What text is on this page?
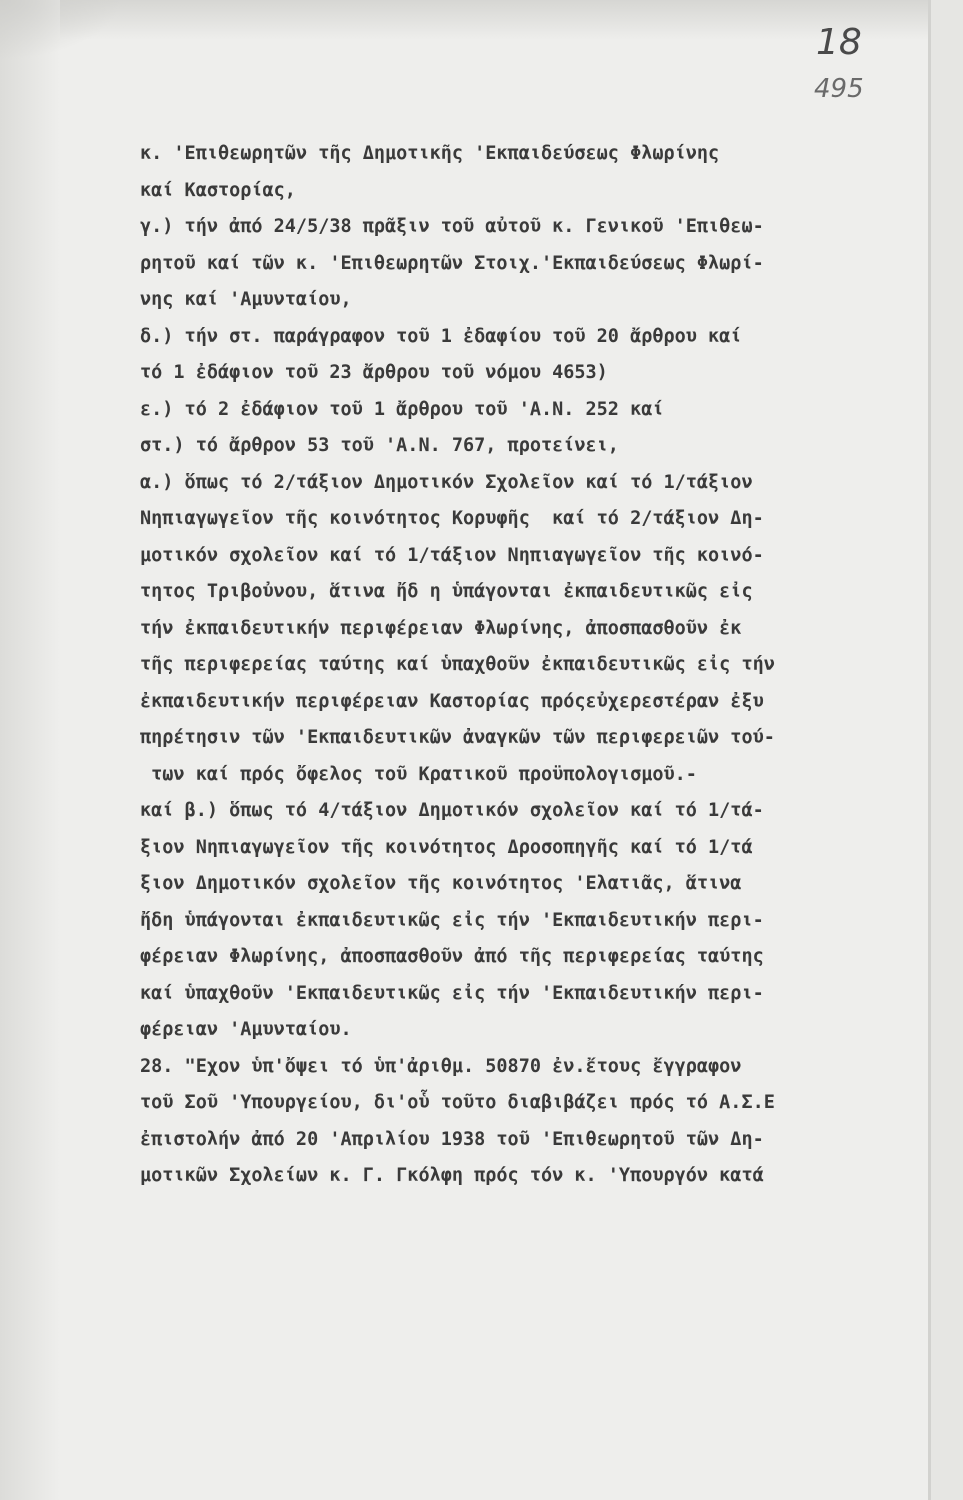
18
495
κ. 'Επιθεωρητῶν τῆς Δημοτικῆς 'Εκπαιδεύσεως Φλωρίνης
καί Καστορίας,
γ.) τήν ἀπό 24/5/38 πρᾶξιν τοῦ αὐτοῦ κ. Γενικοῦ 'Επιθεω-
ρητοῦ καί τῶν κ. 'Επιθεωρητῶν Στοιχ.'Εκπαιδεύσεως Φλωρί-
νης καί 'Αμυνταίου,
δ.) τήν στ. παράγραφον τοῦ 1 ἐδαφίου τοῦ 20 ἄρθρου καί
τό 1 ἐδάφιον τοῦ 23 ἄρθρου τοῦ νόμου 4653)
ε.) τό 2 ἐδάφιον τοῦ 1 ἄρθρου τοῦ 'Α.Ν. 252 καί
στ.) τό ἄρθρον 53 τοῦ 'Α.Ν. 767, προτείνει,
α.) ὅπως τό 2/τάξιον Δημοτικόν Σχολεῖον καί τό 1/τάξιον
Νηπιαγωγεῖον τῆς κοινότητος Κορυφῆς  καί τό 2/τάξιον Δη-
μοτικόν σχολεῖον καί τό 1/τάξιον Νηπιαγωγεῖον τῆς κοινό-
τητος Τριβοὐνου, ἅτινα ἤδ η ὑπάγονται ἐκπαιδευτικῶς εἰς
τήν ἐκπαιδευτικήν περιφέρειαν Φλωρίνης, ἀποσπασθοῦν ἐκ
τῆς περιφερείας ταύτης καί ὑπαχθοῦν ἐκπαιδευτικῶς εἰς τήν
ἐκπαιδευτικήν περιφέρειαν Καστορίας πρόςεὐχερεστέραν ἐξυ
πηρέτησιν τῶν 'Εκπαιδευτικῶν ἀναγκῶν τῶν περιφερειῶν τού-
των καί πρός ὄφελος τοῦ Κρατικοῦ προϋπολογισμοῦ.-
καί β.) ὅπως τό 4/τάξιον Δημοτικόν σχολεῖον καί τό 1/τά-
ξιον Νηπιαγωγεῖον τῆς κοινότητος Δροσοπηγῆς καί τό 1/τά
ξιον Δημοτικόν σχολεῖον τῆς κοινότητος 'Ελατιᾶς, ἅτινα
ἤδη ὑπάγονται ἐκπαιδευτικῶς εἰς τήν 'Εκπαιδευτικήν περι-
φέρειαν Φλωρίνης, ἀποσπασθοῦν ἀπό τῆς περιφερείας ταύτης
καί ὑπαχθοῦν 'Εκπαιδευτικῶς εἰς τήν 'Εκπαιδευτικήν περι-
φέρειαν 'Αμυνταίου.
28. "Εχον ὑπ'ὄψει τό ὑπ'ἀριθμ. 50870 ἐν.ἔτους ἔγγραφον
τοῦ Σοῦ 'Υπουργείου, δι'οὗ τοῦτο διαβιβάζει πρός τό Α.Σ.Ε
ἐπιστολήν ἀπό 20 'Απριλίου 1938 τοῦ 'Επιθεωρητοῦ τῶν Δη-
μοτικῶν Σχολείων κ. Γ. Γκόλφη πρός τόν κ. 'Υπουργόν κατά
